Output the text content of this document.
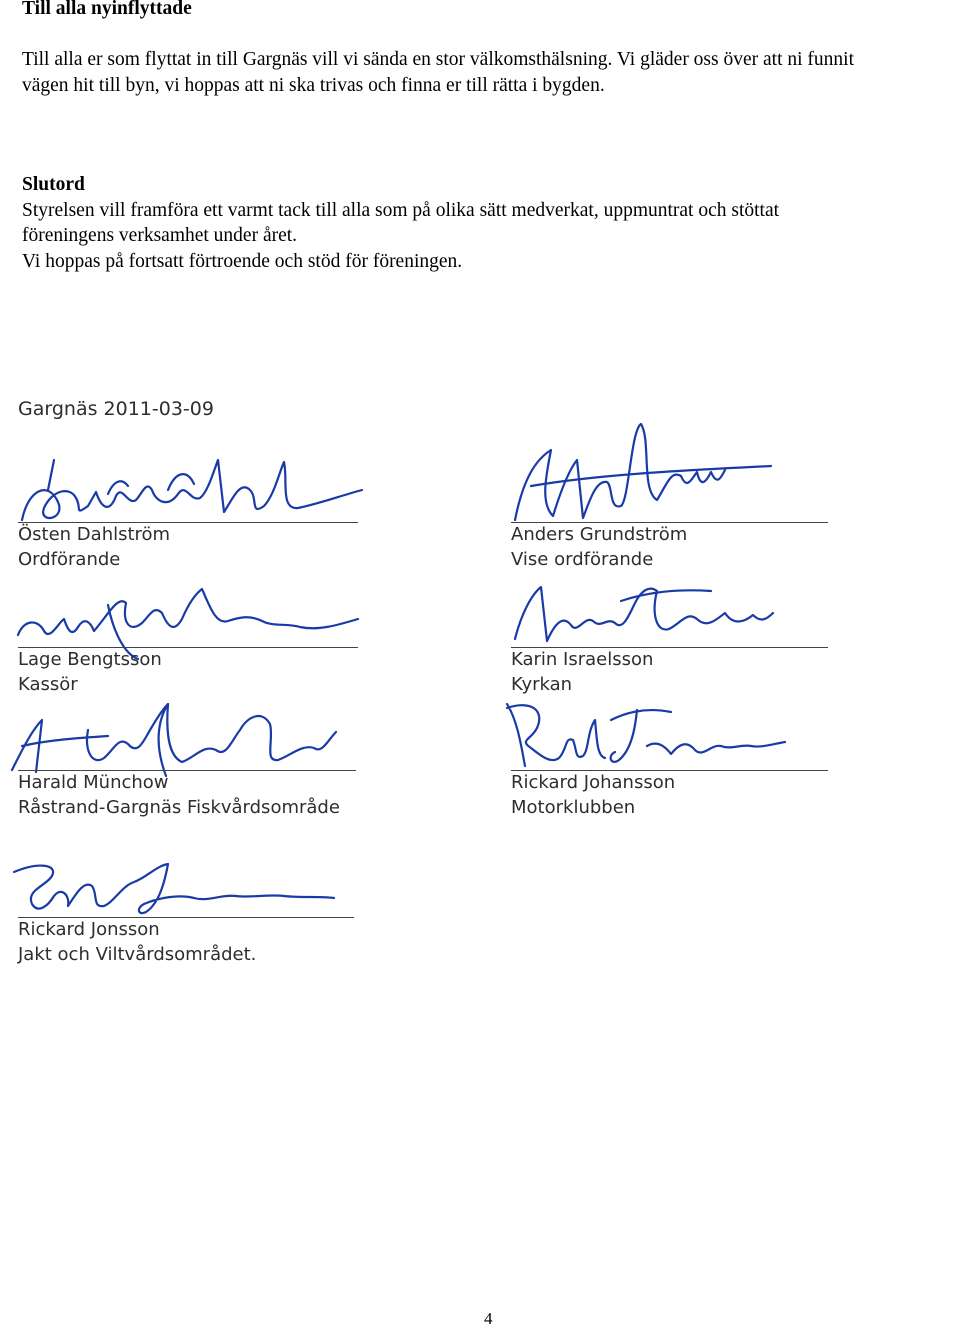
Till alla nyinflyttade
Till alla er som flyttat in till Gargnäs vill vi sända en stor välkomsthälsning. Vi gläder oss över att ni funnit
vägen hit till byn, vi hoppas att ni ska trivas och finna er till rätta i bygden.
Slutord
Styrelsen vill framföra ett varmt tack till alla som på olika sätt medverkat, uppmuntrat och stöttat
föreningens verksamhet under året.
Vi hoppas på fortsatt förtroende och stöd för föreningen.
Gargnäs 2011-03-09
Östen Dahlström
Ordförande
Anders Grundström
Vise ordförande
Lage Bengtsson
Kassör
Karin Israelsson
Kyrkan
Harald Münchow
Råstrand-Gargnäs Fiskvårdsområde
Rickard Johansson
Motorklubben
Rickard Jonsson
Jakt och Viltvårdsområdet.
4
